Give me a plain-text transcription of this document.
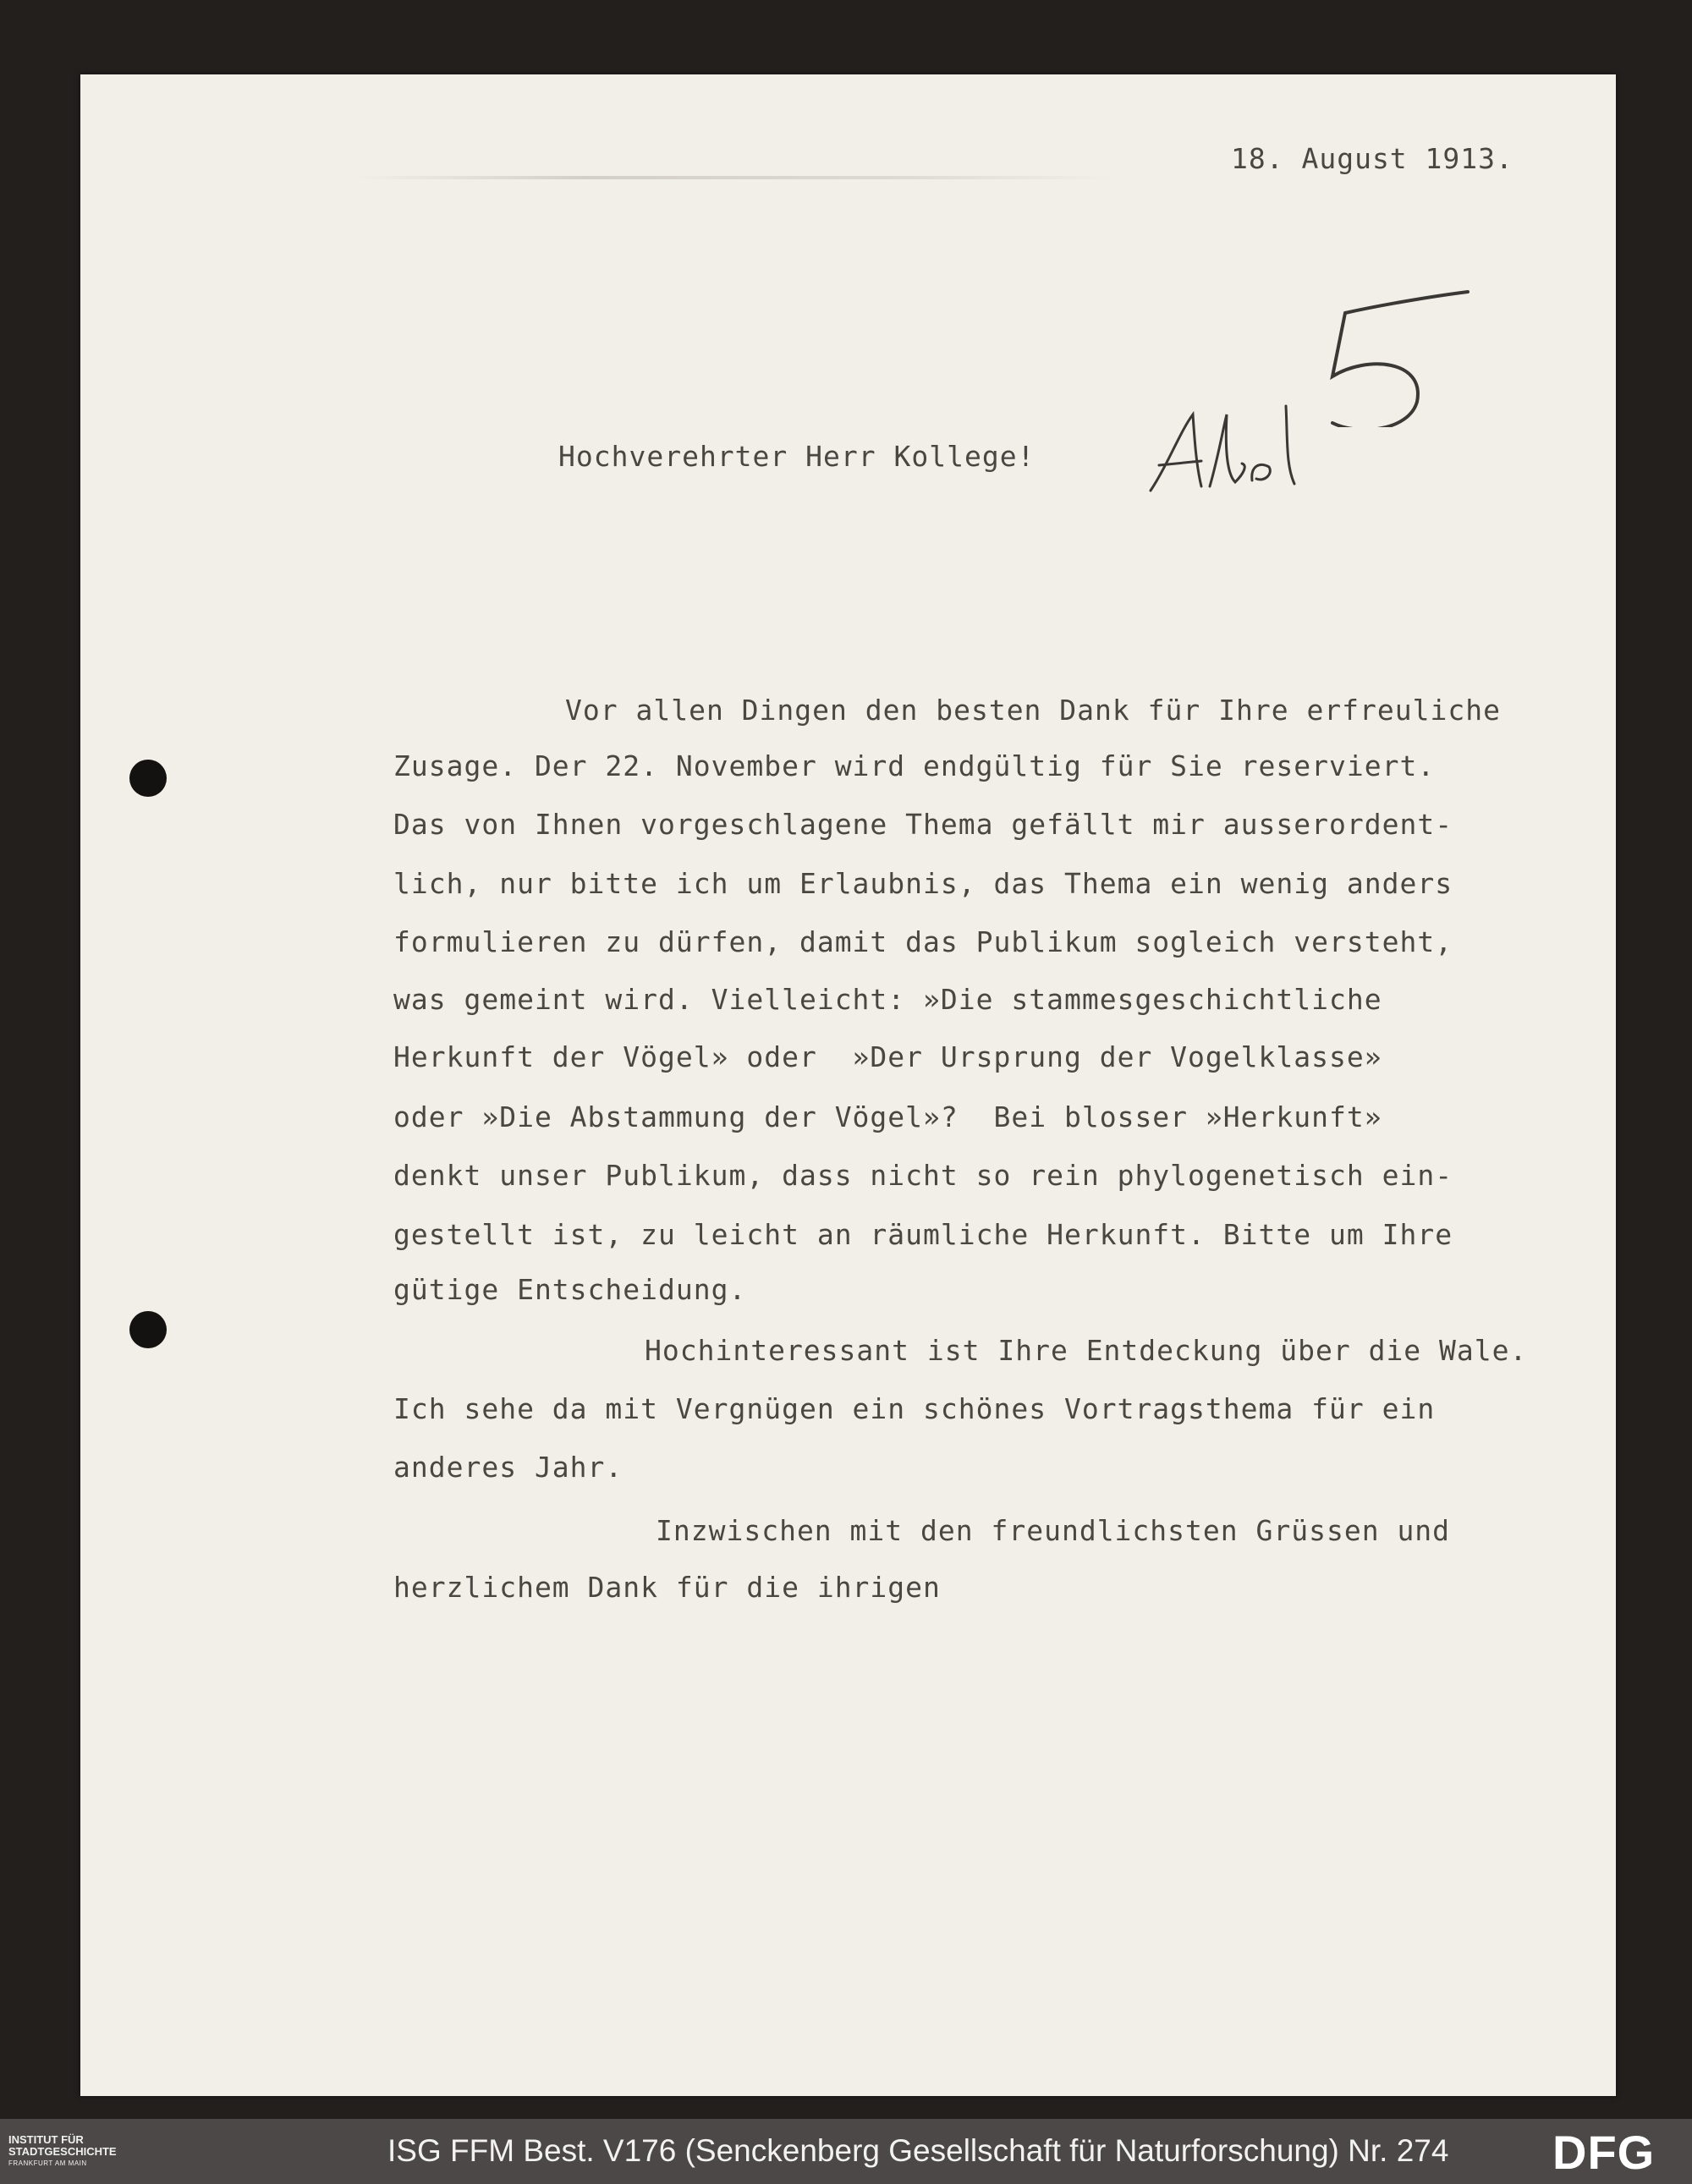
18. August 1913.
Hochverehrter Herr Kollege!
Vor allen Dingen den besten Dank für Ihre erfreuliche
Zusage. Der 22. November wird endgültig für Sie reserviert.
Das von Ihnen vorgeschlagene Thema gefällt mir ausserordent-
lich, nur bitte ich um Erlaubnis, das Thema ein wenig anders
formulieren zu dürfen, damit das Publikum sogleich versteht,
was gemeint wird. Vielleicht: »Die stammesgeschichtliche
Herkunft der Vögel» oder  »Der Ursprung der Vogelklasse»
oder »Die Abstammung der Vögel»?  Bei blosser »Herkunft»
denkt unser Publikum, dass nicht so rein phylogenetisch ein-
gestellt ist, zu leicht an räumliche Herkunft. Bitte um Ihre
gütige Entscheidung.
Hochinteressant ist Ihre Entdeckung über die Wale.
Ich sehe da mit Vergnügen ein schönes Vortragsthema für ein
anderes Jahr.
Inzwischen mit den freundlichsten Grüssen und
herzlichem Dank für die ihrigen
INSTITUT FÜR
STADTGESCHICHTE
FRANKFURT AM MAIN	ISG FFM Best. V176 (Senckenberg Gesellschaft für Naturforschung) Nr. 274 DFG
